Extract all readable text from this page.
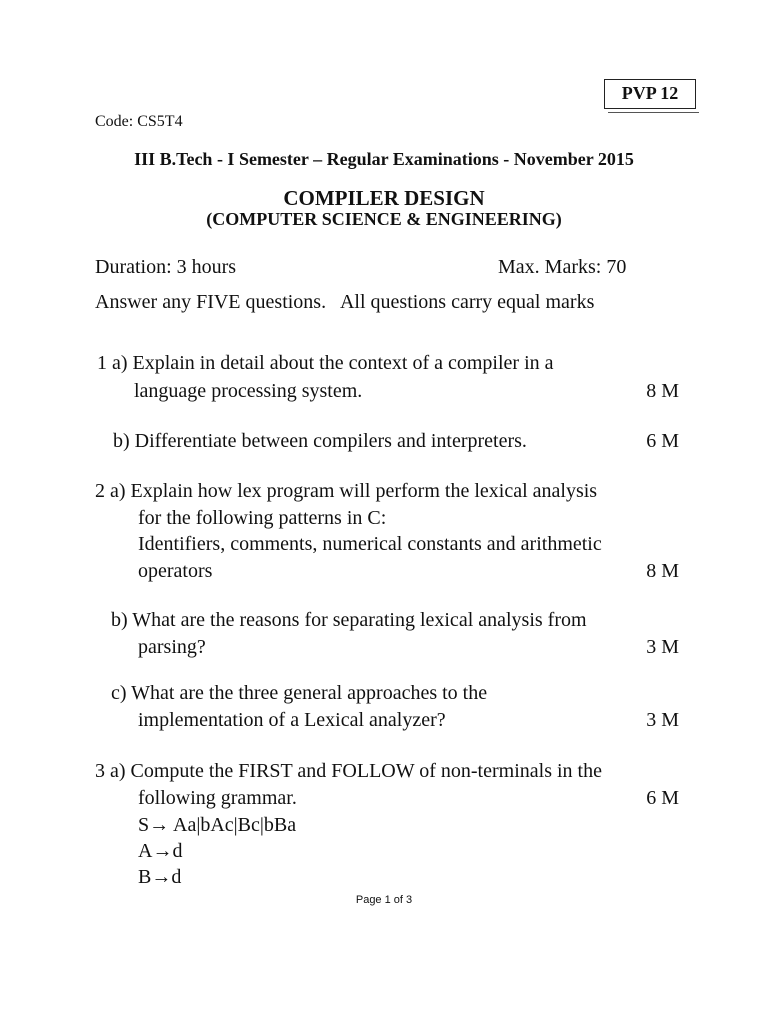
PVP 12
Code: CS5T4
III B.Tech - I Semester – Regular Examinations - November 2015
COMPILER DESIGN
(COMPUTER SCIENCE & ENGINEERING)
Duration: 3 hours	Max. Marks: 70
Answer any FIVE questions.   All questions carry equal marks
1 a) Explain in detail about the context of a compiler in a
language processing system.	8 M
b) Differentiate between compilers and interpreters.	6 M
2 a) Explain how lex program will perform the lexical analysis
for the following patterns in C:
Identifiers, comments, numerical constants and arithmetic
operators	8 M
b) What are the reasons for separating lexical analysis from
parsing?	3 M
c) What are the three general approaches to the
implementation of a Lexical analyzer?	3 M
3 a) Compute the FIRST and FOLLOW of non-terminals in the
following grammar.	6 M
S→ Aa|bAc|Bc|bBa
A→d
B→d
Page 1 of 3
